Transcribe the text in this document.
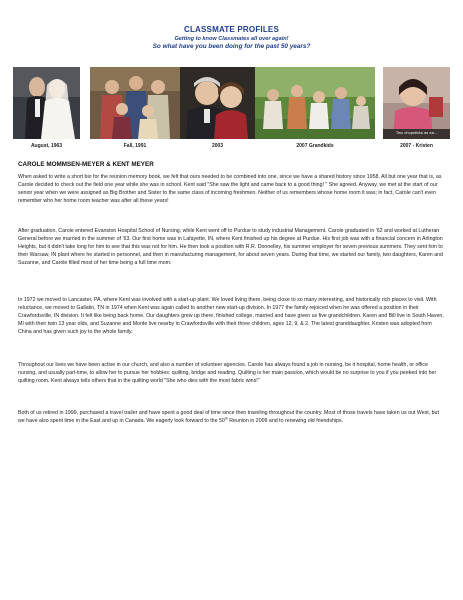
CLASSMATE PROFILES
Getting to know Classmates all over again!
So what have you been doing for the past 50 years?
August, 1963	Fall, 1991	2003	2007 Grandkids
Two chopsticks as ea...
2007 - Kristen
CAROLE MOMMSEN-MEYER & KENT MEYER

When asked to write a short bio for the reunion memory book, we felt that ours needed to be combined into one, since we have a shared history since 1958. All but one year that is, as Carole decided to check out the field one year while she was in school. Kent said "She saw the light and came back to a good thing! " She agreed. Anyway, we met at the start of our senior year when we were assigned as Big Brother and Sister to the same class of incoming freshmen. Neither of us remembers whose home room it was; in fact, Carole can't even remember who her home room teacher was after all these years!

After graduation, Carole entered Evanston Hospital School of Nursing, while Kent went off to Purdue to study industrial Management. Carole graduated in '62 and worked at Lutheran General before we married in the summer of '63. Our first home was in Lafayette, IN, where Kent finished up his degree at Purdue. His first job was with a financial concern in Arlington Heights, but it didn't take long for him to see that this was not for him. He then took a position with R.R. Donnelley, his summer employer for seven previous summers. They sent him to their Warsaw, IN plant where he started in personnel, and then in manufacturing management, for about seven years. During that time, we started our family, two daughters, Karen and Suzanne, and Carole filled most of her time being a full time mom.

In 1972 we moved to Lancaster, PA, where Kent was involved with a start-up plant. We loved living there, being close to so many interesting, and historically rich places to visit. With reluctance, we moved to Gallatin, TN in 1974 when Kent was again called to another new start-up division. In 1977 the family rejoiced when he was offered a position in their Crawfordsville, IN division. It felt like being back home. Our daughters grew up there, finished college, married and have given us five grandchildren. Karen and Bill live in South Haven, MI with their twin 13 year olds, and Suzanne and Monte live nearby in Crawfordsville with their three children, ages 12, 9, & 2. The latest granddaughter, Kristen was adopted from China and has given such joy to the whole family.

Throughout our lives we have been active in our church, and also a number of volunteer agencies. Carole has always found a job in nursing, be it hospital, home health, or office nursing, and usually part-time, to allow her to pursue her hobbies: quilting, bridge and reading. Quilting is her main passion, which would be no surprise to you if you peeked into her quilting room. Kent always tells others that in the quilting world "She who dies with the most fabric wins!"

Both of us retired in 1999, purchased a travel trailer and have spent a good deal of time since then traveling throughout the country. Most of those travels have taken us out West, but we have also spent time in the East and up in Canada. We eagerly look forward to the 50th Reunion in 2009 and to renewing old friendships.
